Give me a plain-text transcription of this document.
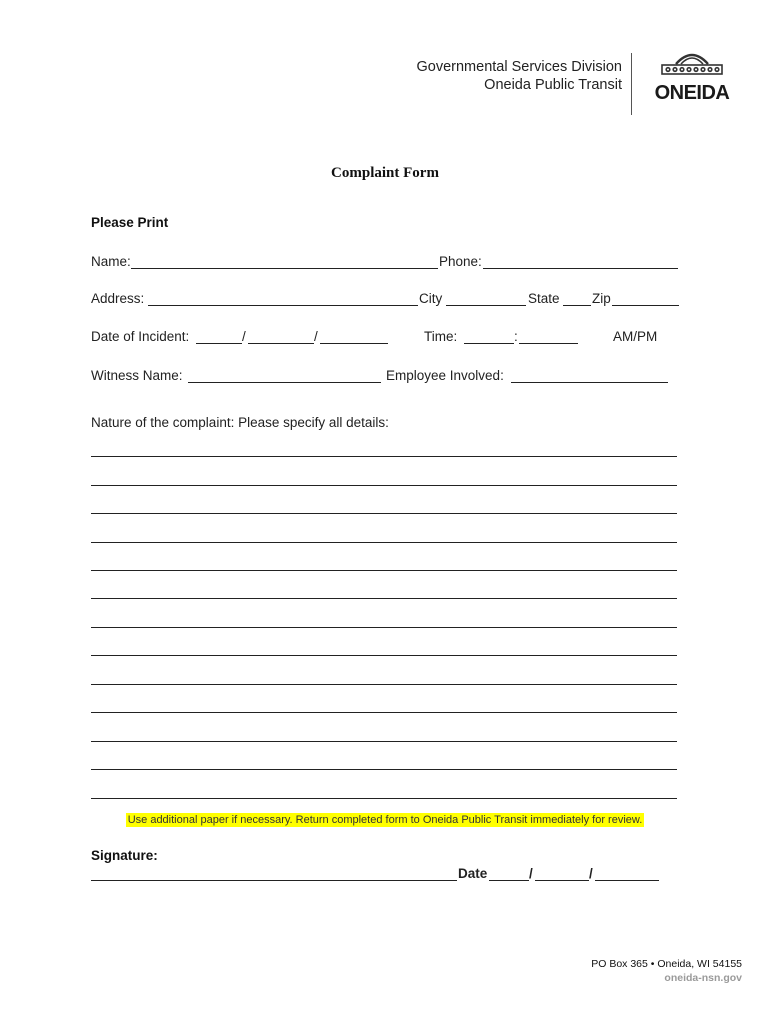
Governmental Services Division
Oneida Public Transit	ONEIDA
Complaint Form
Please Print
Name:	Phone:
Address:	City	State Zip
Date of Incident:	/	/	Time:	:	AM/PM
Witness Name:	Employee Involved:
Nature of the complaint: Please specify all details:
Use additional paper if necessary. Return completed form to Oneida Public Transit immediately for review.
Signature:
Date	/	/
PO Box 365 • Oneida, WI 54155
oneida-nsn.gov
